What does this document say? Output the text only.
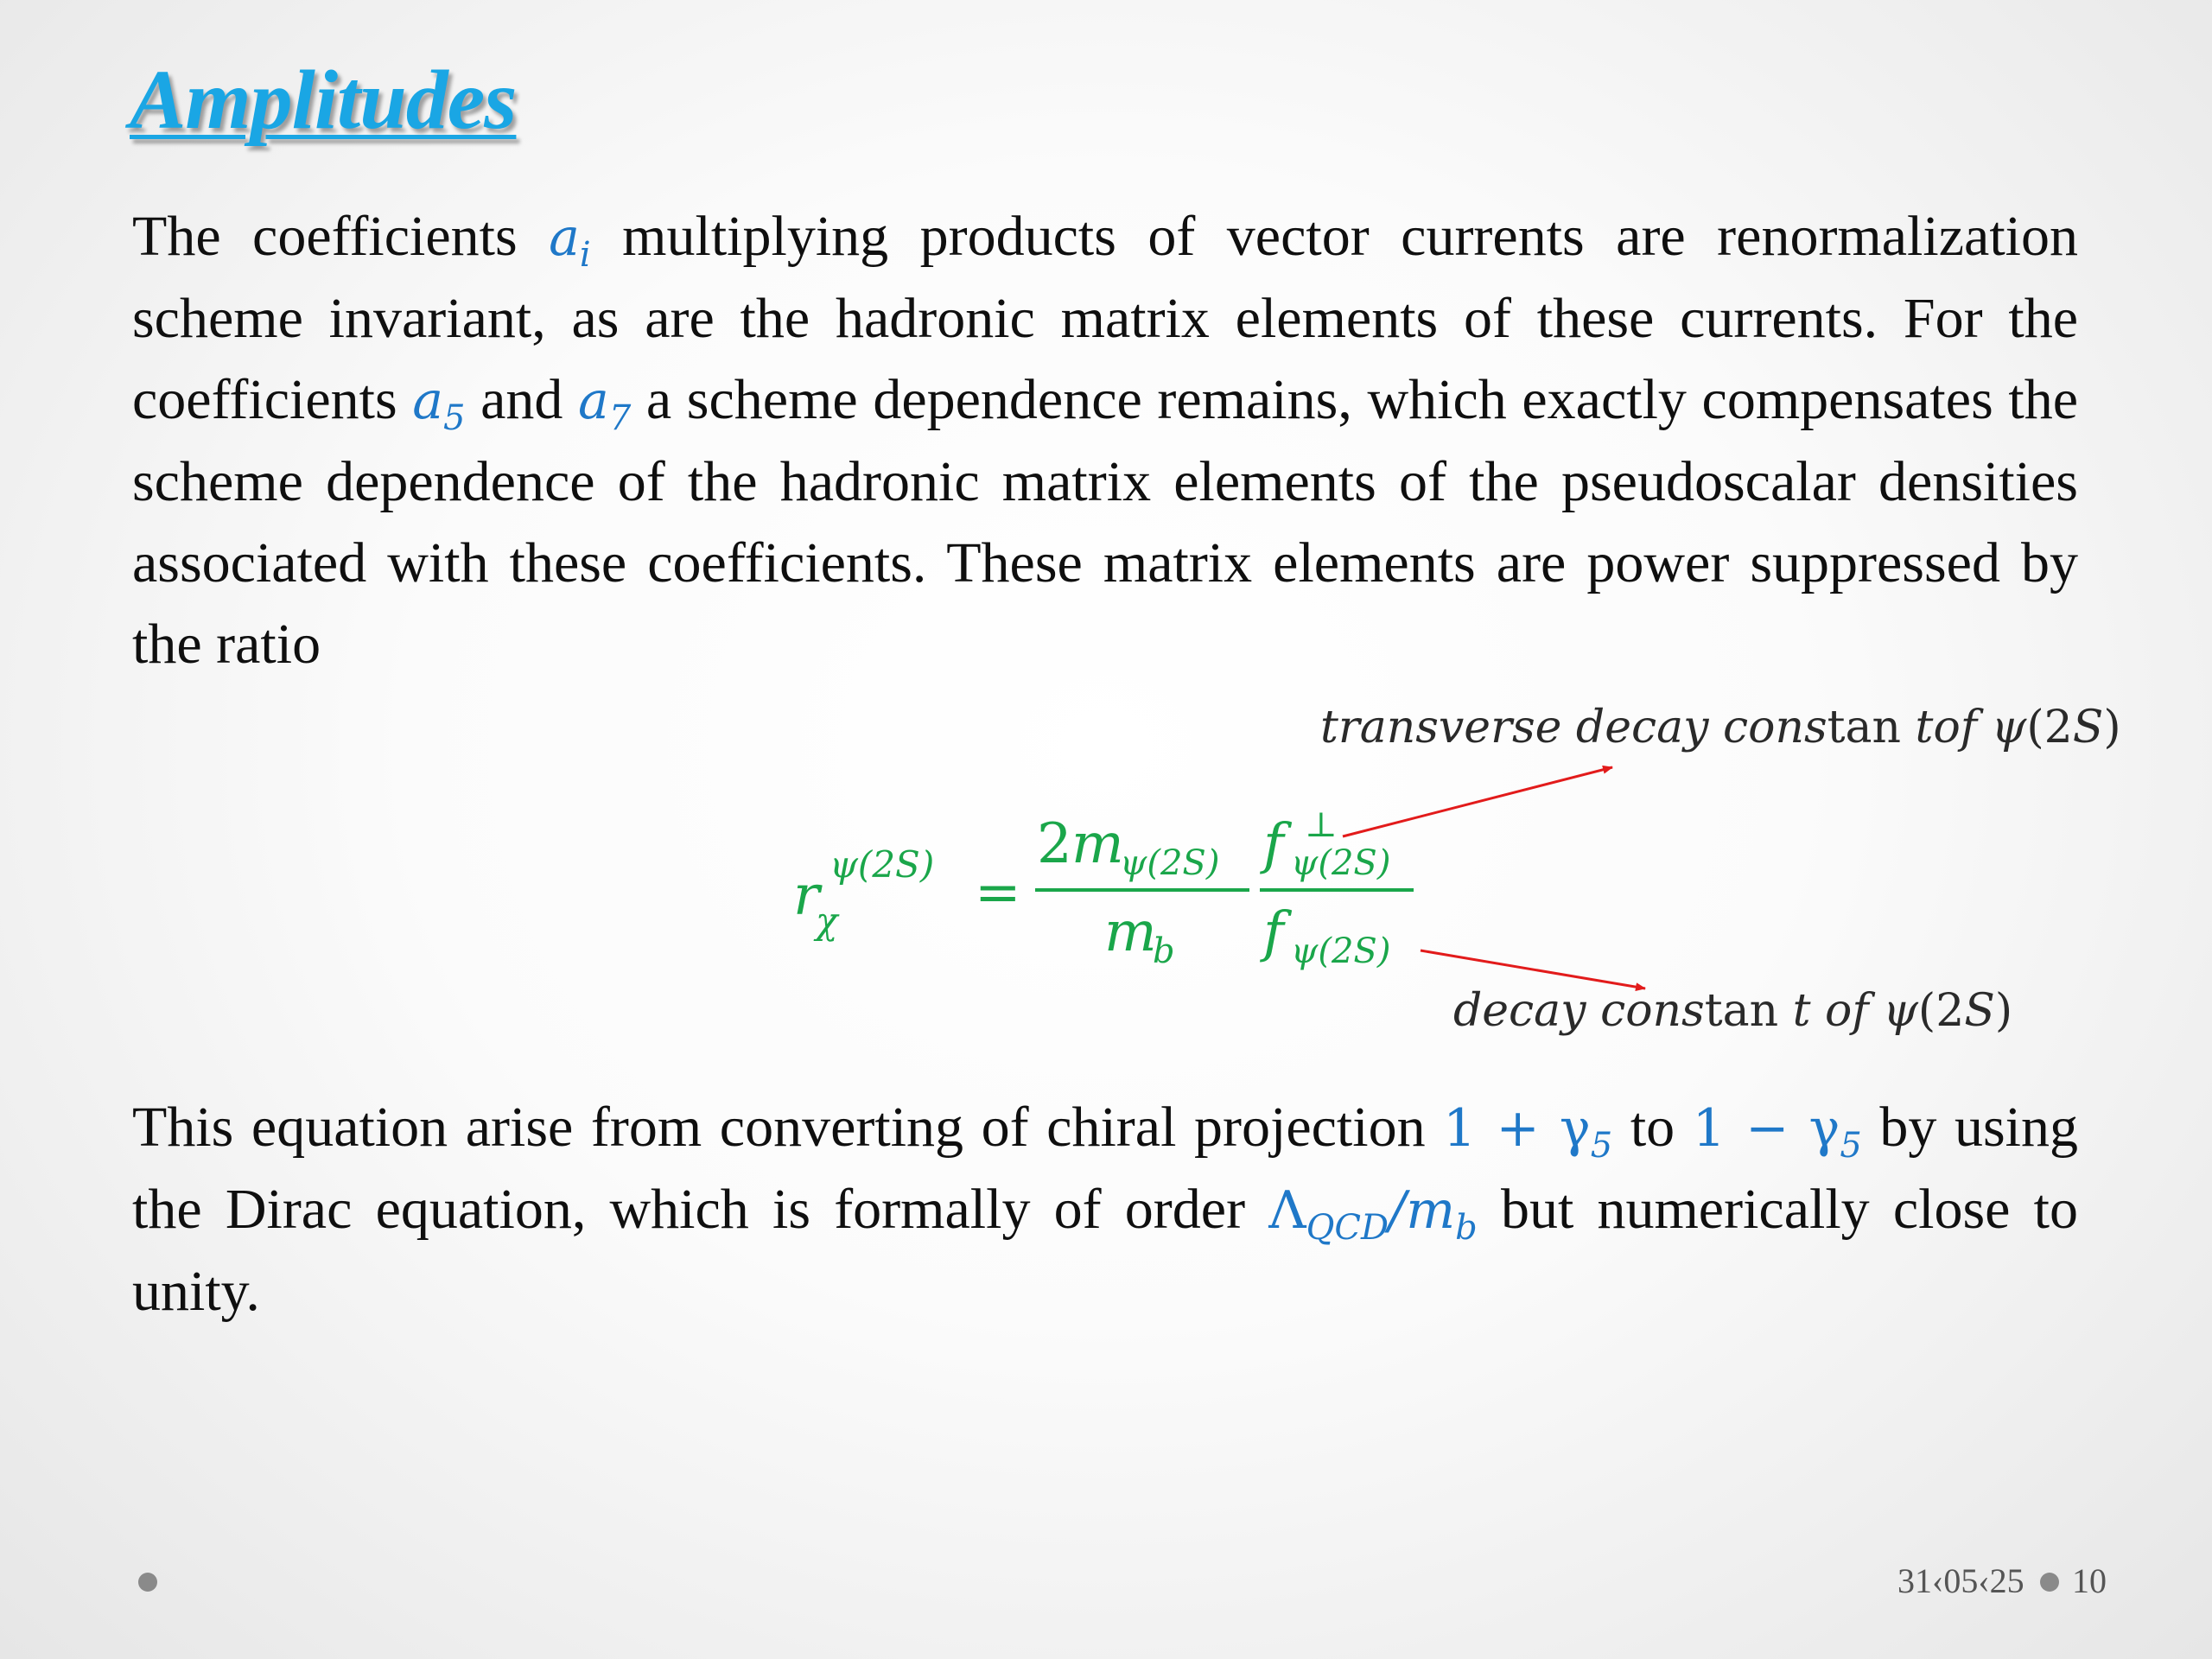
Amplitudes

The coefficients $a_i$ multiplying products of vector currents are renormalization scheme invariant, as are the hadronic matrix elements of these currents. For the coefficients $a_5$ and $a_7$ a scheme dependence remains, which exactly compensates the scheme dependence of the hadronic matrix elements of the pseudoscalar densities associated with these coefficients. These matrix elements are power suppressed by the ratio

r ψ(2S)
χ =
2 m
ψ(2S)
m
b
f ⊥
ψ(2S)
f ψ(2S)
transverse decay constan tof ψ(2S)
decay constan t of ψ(2S)

This equation arise from converting of chiral projection $1 + \gamma_5$ to $1 - \gamma_5$ by using the Dirac equation, which is formally of order $\Lambda_{QCD}/m_b$ but numerically close to unity.

31‹05‹25 10
